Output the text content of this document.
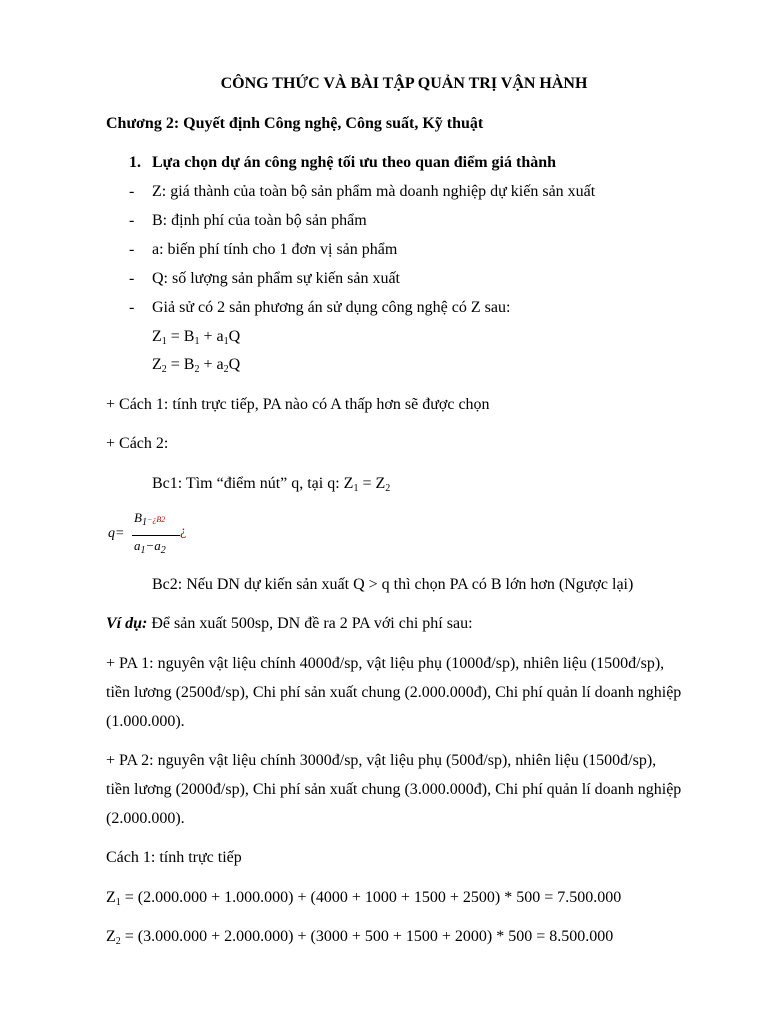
CÔNG THỨC VÀ BÀI TẬP QUẢN TRỊ VẬN HÀNH
Chương 2: Quyết định Công nghệ, Công suất, Kỹ thuật
1. Lựa chọn dự án công nghệ tối ưu theo quan điểm giá thành
- Z: giá thành của toàn bộ sản phẩm mà doanh nghiệp dự kiến sản xuất
- B: định phí của toàn bộ sản phẩm
- a: biến phí tính cho 1 đơn vị sản phẩm
- Q: số lượng sản phẩm sự kiến sản xuất
- Giả sử có 2 sản phương án sử dụng công nghệ có Z sau:
$Z_1 = B_1 + a_1Q$
$Z_2 = B_2 + a_2Q$
+ Cách 1: tính trực tiếp, PA nào có A thấp hơn sẽ được chọn
+ Cách 2:
Bc1: Tìm “điểm nút” q, tại q: $Z_1 = Z_2$
q=
$B_1-¿B2$
$a_1-a_2$
¿
Bc2: Nếu DN dự kiến sản xuất Q > q thì chọn PA có B lớn hơn (Ngược lại)
Ví dụ: Để sản xuất 500sp, DN đề ra 2 PA với chi phí sau:
+ PA 1: nguyên vật liệu chính 4000đ/sp, vật liệu phụ (1000đ/sp), nhiên liệu (1500đ/sp),
tiền lương (2500đ/sp), Chi phí sản xuất chung (2.000.000đ), Chi phí quản lí doanh nghiệp
(1.000.000).
+ PA 2: nguyên vật liệu chính 3000đ/sp, vật liệu phụ (500đ/sp), nhiên liệu (1500đ/sp),
tiền lương (2000đ/sp), Chi phí sản xuất chung (3.000.000đ), Chi phí quản lí doanh nghiệp
(2.000.000).
Cách 1: tính trực tiếp
$Z_1 = (2.000.000 + 1.000.000) + (4000 + 1000 + 1500 + 2500) * 500 = 7.500.000$
$Z_2 = (3.000.000 + 2.000.000) + (3000 + 500 + 1500 + 2000) * 500 = 8.500.000$
